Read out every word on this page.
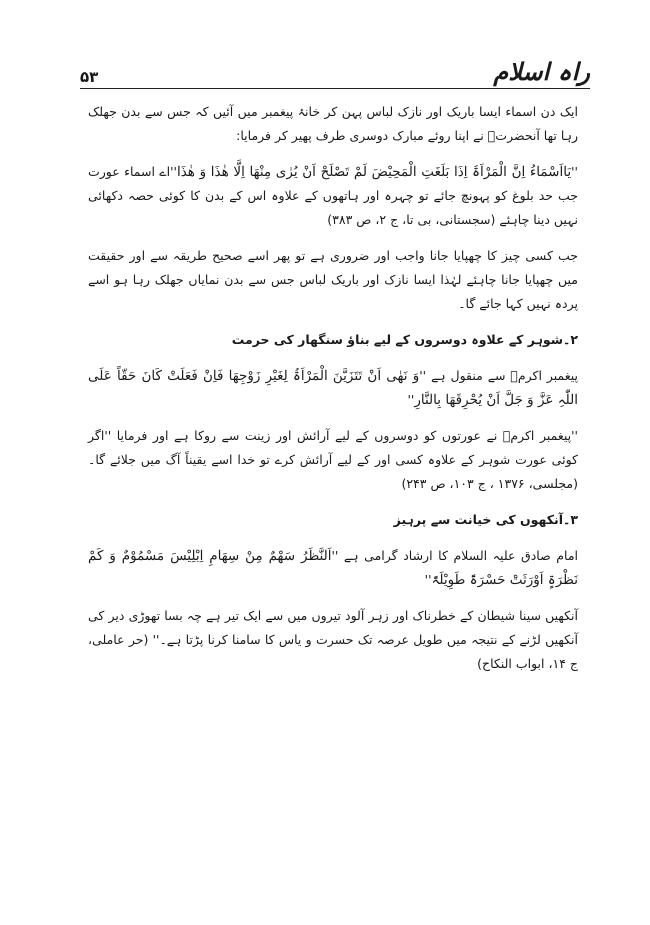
۵۳	راہ اسلام

ایک دن اسماء ایسا باریک اور نازک لباس پہن کر خانۂ پیغمبر میں آئیں کہ جس سے بدن جھلک رہا تھا آنحضرتؐ نے اپنا روئے مبارک دوسری طرف پھیر کر فرمایا:

''یَااَسْمَاءُ اِنَّ الْمَرْاَۃَ اِذَا بَلَغَتِ الْمَحِیْضَ لَمْ تَصْلَحْ اَنْ یُرٰی مِنْھَا اِلَّا ھٰذَا وَ ھٰذَا''اے اسماء عورت جب حد بلوغ کو پہونچ جائے تو چہرہ اور ہاتھوں کے علاوہ اس کے بدن کا کوئی حصہ دکھائی نہیں دینا چاہئے (سجستانی، بی تا، ج ۲، ص ۳۸۳)

جب کسی چیز کا چھپایا جانا واجب اور ضروری ہے تو پھر اسے صحیح طریقہ سے اور حقیقت میں چھپایا جانا چاہئے لہٰذا ایسا نازک اور باریک لباس جس سے بدن نمایاں جھلک رہا ہو اسے پردہ نہیں کہا جائے گا۔

۲۔شوہر کے علاوہ دوسروں کے لیے بناؤ سنگھار کی حرمت

پیغمبر اکرمؐ سے منقول ہے ''وَ نَھٰی اَنْ تَتَزَیَّنَ الْمَرْاَۃُ لِغَیْرِ زَوْجِھَا فَاِنْ فَعَلَتْ کَانَ حَقّاً عَلَی اللّٰہِ عَزَّ وَ جَلَّ اَنْ یُحْرِقَھَا بِالنَّارِ''

''پیغمبر اکرمؐ نے عورتوں کو دوسروں کے لیے آرائش اور زینت سے روکا ہے اور فرمایا ''اگر کوئی عورت شوہر کے علاوہ کسی اور کے لیے آرائش کرے تو خدا اسے یقیناً آگ میں جلائے گا۔ (مجلسی، ۱۳۷۶ ، ج ۱۰۳، ص ۲۴۳)

۳۔آنکھوں کی خیانت سے پرہیز

امام صادق علیہ السلام کا ارشاد گرامی ہے ''اَلنَّظَرُ سَھْمٌ مِنْ سِھَامِ اِبْلِیْسَ مَسْمُوْمٌ وَ کَمْ نَظْرَۃٍ اَوْرَثَتْ حَسْرَۃً طَوِیْلَۃً''

آنکھیں سینا شیطان کے خطرناک اور زہر آلود تیروں میں سے ایک تیر ہے چہ بسا تھوڑی دیر کی آنکھیں لڑنے کے نتیجہ میں طویل عرصہ تک حسرت و یاس کا سامنا کرنا پڑتا ہے۔'' (حر عاملی، ج ۱۴، ابواب النکاح)
